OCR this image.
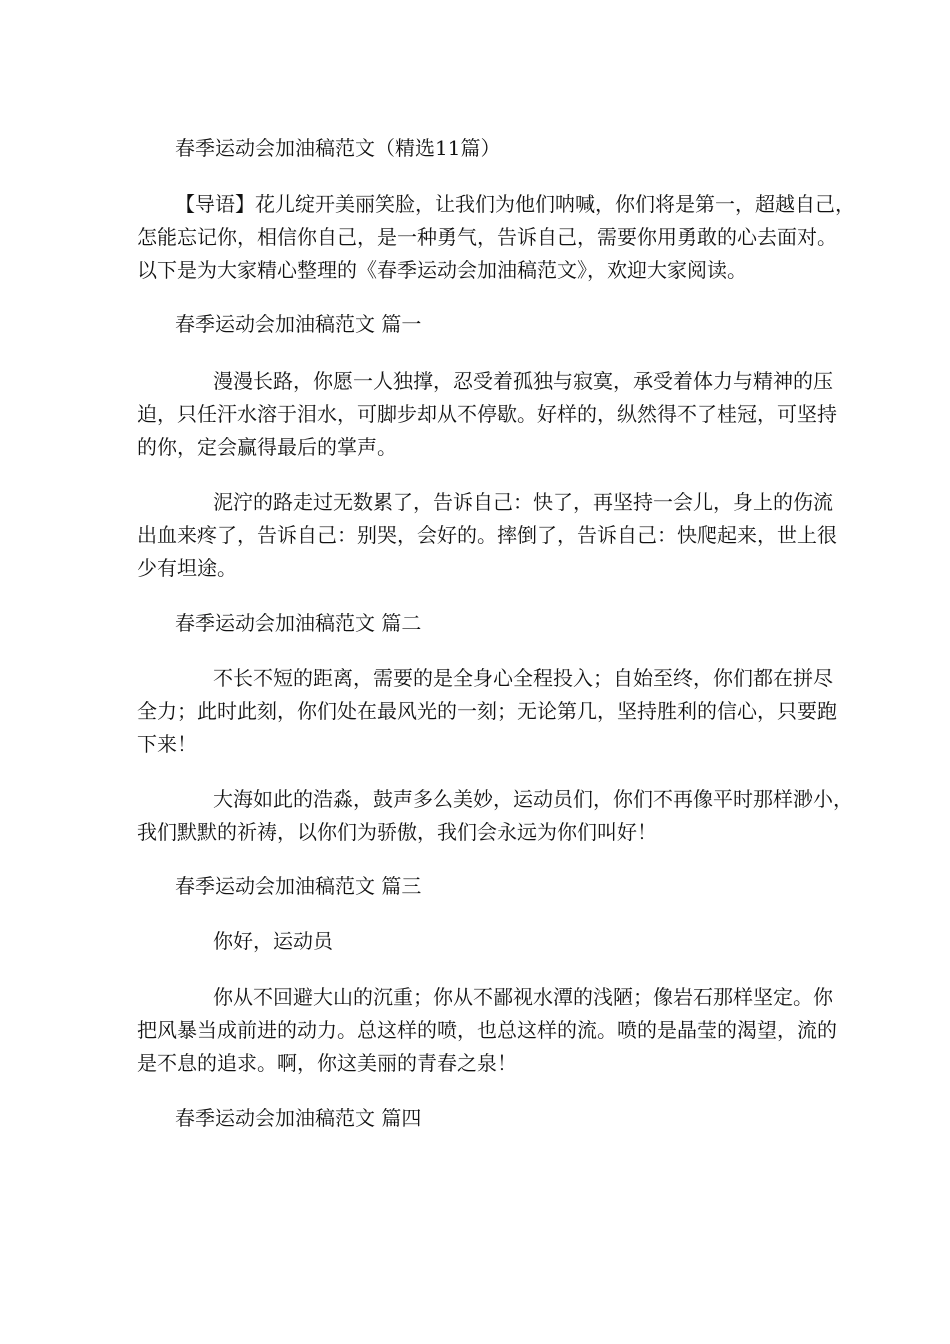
春季运动会加油稿范文（精选11篇）
【导语】花儿绽开美丽笑脸，让我们为他们呐喊，你们将是第一，超越自己，
怎能忘记你，相信你自己，是一种勇气，告诉自己，需要你用勇敢的心去面对。
以下是为大家精心整理的《春季运动会加油稿范文》，欢迎大家阅读。
春季运动会加油稿范文 篇一
漫漫长路，你愿一人独撑，忍受着孤独与寂寞，承受着体力与精神的压
迫，只任汗水溶于泪水，可脚步却从不停歇。好样的，纵然得不了桂冠，可坚持
的你，定会赢得最后的掌声。
泥泞的路走过无数累了，告诉自己：快了，再坚持一会儿，身上的伤流
出血来疼了，告诉自己：别哭，会好的。摔倒了，告诉自己：快爬起来，世上很
少有坦途。
春季运动会加油稿范文 篇二
不长不短的距离，需要的是全身心全程投入；自始至终，你们都在拼尽
全力；此时此刻，你们处在最风光的一刻；无论第几，坚持胜利的信心，只要跑
下来！
大海如此的浩淼，鼓声多么美妙，运动员们，你们不再像平时那样渺小，
我们默默的祈祷，以你们为骄傲，我们会永远为你们叫好！
春季运动会加油稿范文 篇三
你好，运动员
你从不回避大山的沉重；你从不鄙视水潭的浅陋；像岩石那样坚定。你
把风暴当成前进的动力。总这样的喷，也总这样的流。喷的是晶莹的渴望，流的
是不息的追求。啊，你这美丽的青春之泉！
春季运动会加油稿范文 篇四
